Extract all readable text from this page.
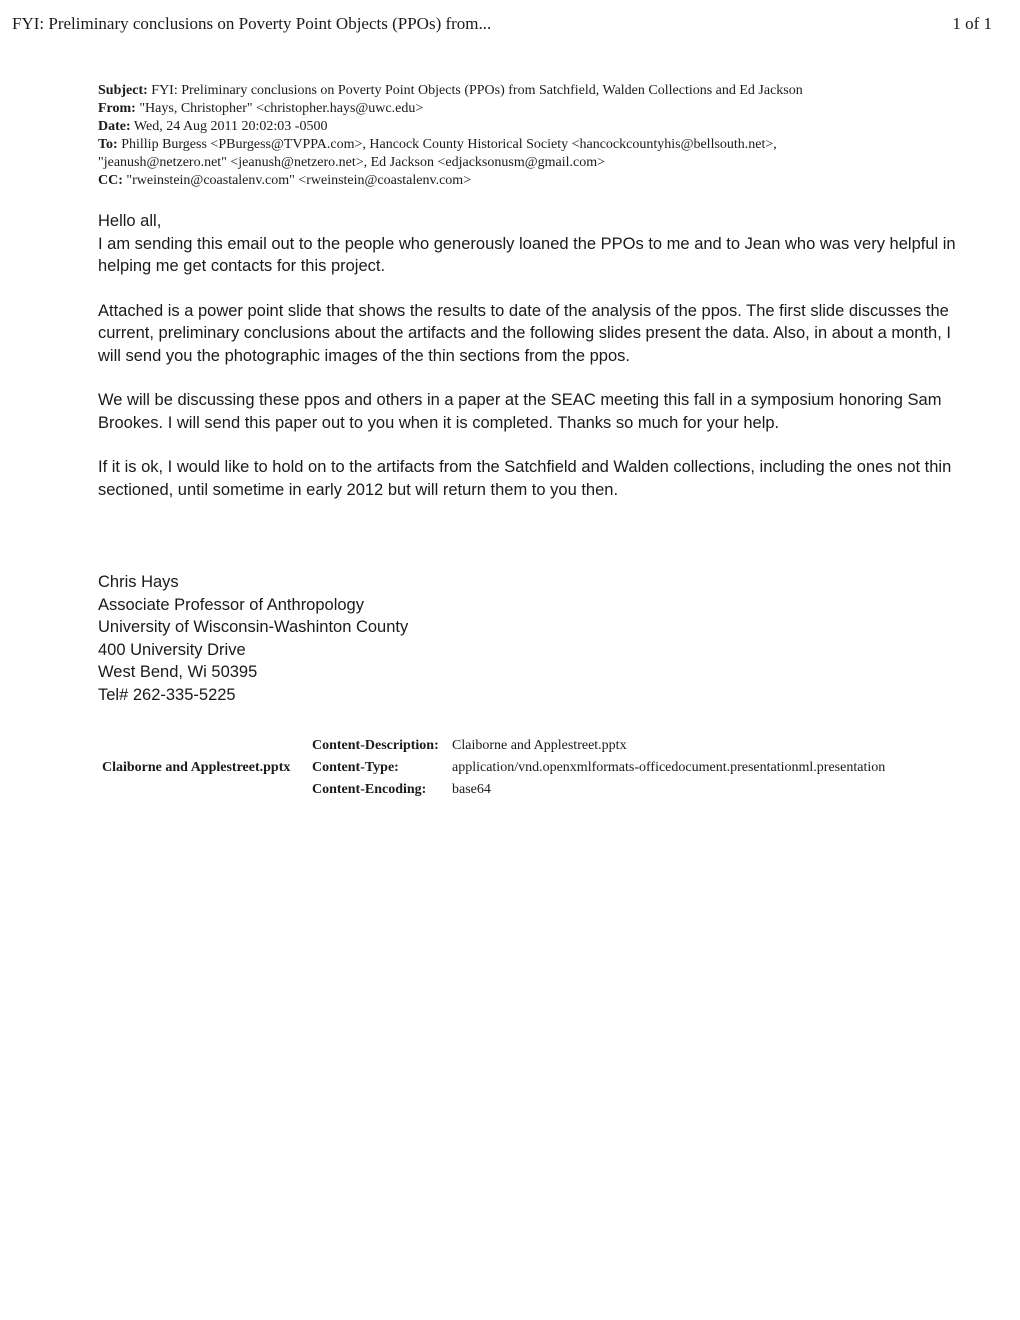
FYI: Preliminary conclusions on Poverty Point Objects (PPOs) from...	1 of 1
Subject: FYI: Preliminary conclusions on Poverty Point Objects (PPOs) from Satchfield, Walden Collections and Ed Jackson
From: "Hays, Christopher" <christopher.hays@uwc.edu>
Date: Wed, 24 Aug 2011 20:02:03 -0500
To: Phillip Burgess <PBurgess@TVPPA.com>, Hancock County Historical Society <hancockcountyhis@bellsouth.net>,
"jeanush@netzero.net" <jeanush@netzero.net>, Ed Jackson <edjacksonusm@gmail.com>
CC: "rweinstein@coastalenv.com" <rweinstein@coastalenv.com>

Hello all,

I am sending this email out to the people who generously loaned the PPOs to me and to Jean who was very helpful in helping me get contacts for this project.

Attached is a power point slide that shows the results to date of the analysis of the ppos. The first slide discusses the current, preliminary conclusions about the artifacts and the following slides present the data. Also, in about a month, I will send you the photographic images of the thin sections from the ppos.

We will be discussing these ppos and others in a paper at the SEAC meeting this fall in a symposium honoring Sam Brookes. I will send this paper out to you when it is completed. Thanks so much for your help.

If it is ok, I would like to hold on to the artifacts from the Satchfield and Walden collections, including the ones not thin sectioned, until sometime in early 2012 but will return them to you then.

Chris Hays
Associate Professor of Anthropology
University of Wisconsin-Washinton County
400 University Drive
West Bend, Wi 50395
Tel# 262-335-5225
Claiborne and Applestreet.pptx
Content-Description: Claiborne and Applestreet.pptx
Content-Type:	application/vnd.openxmlformats-officedocument.presentationml.presentation
Content-Encoding: base64
